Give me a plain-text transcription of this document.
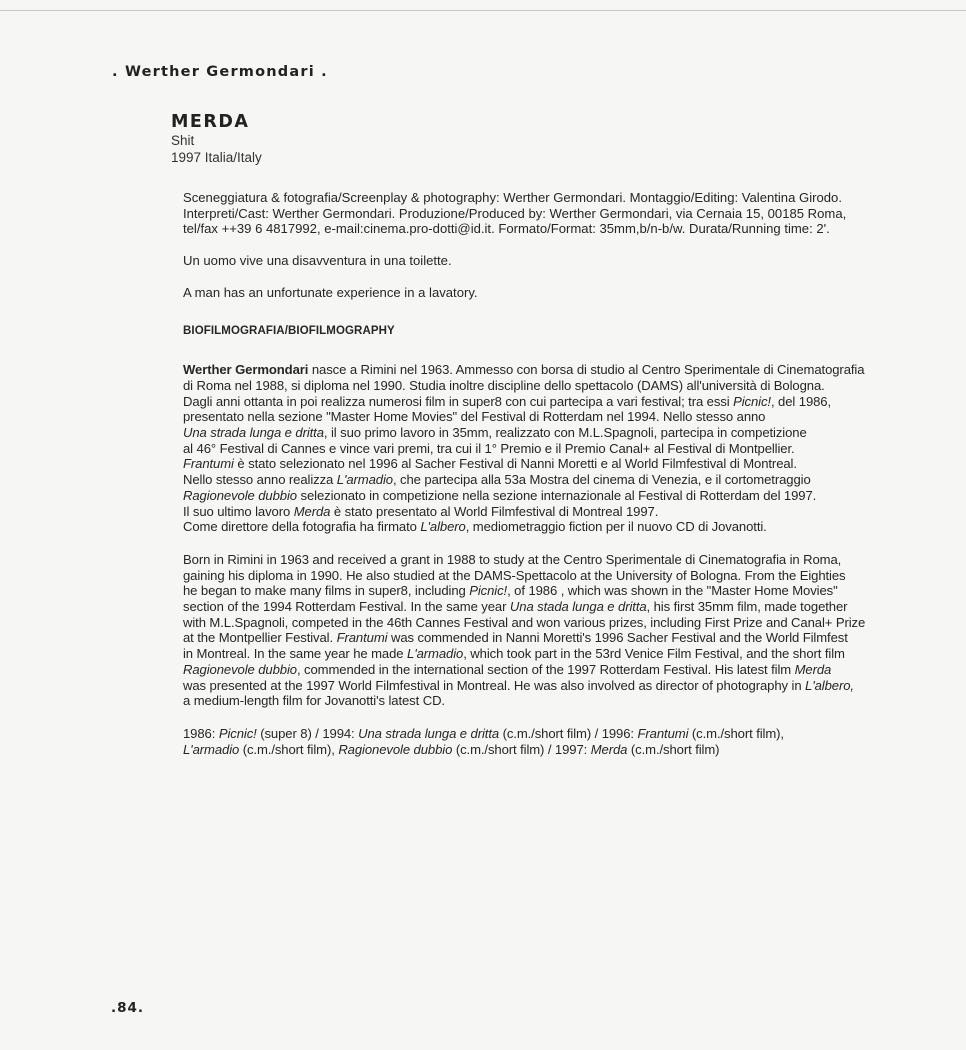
. Werther Germondari .
MERDA
Shit
1997 Italia/Italy

Sceneggiatura & fotografia/Screenplay & photography: Werther Germondari. Montaggio/Editing: Valentina Girodo.

Interpreti/Cast: Werther Germondari. Produzione/Produced by: Werther Germondari, via Cernaia 15, 00185 Roma,

tel/fax ++39 6 4817992, e-mail:cinema.pro-dotti@id.it. Formato/Format: 35mm,b/n-b/w. Durata/Running time: 2'.

Un uomo vive una disavventura in una toilette.

A man has an unfortunate experience in a lavatory.

BIOFILMOGRAFIA/BIOFILMOGRAPHY

Werther Germondari nasce a Rimini nel 1963. Ammesso con borsa di studio al Centro Sperimentale di Cinematografia

di Roma nel 1988, si diploma nel 1990. Studia inoltre discipline dello spettacolo (DAMS) all'università di Bologna.

Dagli anni ottanta in poi realizza numerosi film in super8 con cui partecipa a vari festival; tra essi Picnic!, del 1986,

presentato nella sezione "Master Home Movies" del Festival di Rotterdam nel 1994. Nello stesso anno

Una strada lunga e dritta, il suo primo lavoro in 35mm, realizzato con M.L.Spagnoli, partecipa in competizione

al 46° Festival di Cannes e vince vari premi, tra cui il 1° Premio e il Premio Canal+ al Festival di Montpellier.

Frantumi è stato selezionato nel 1996 al Sacher Festival di Nanni Moretti e al World Filmfestival di Montreal.

Nello stesso anno realizza L'armadio, che partecipa alla 53a Mostra del cinema di Venezia, e il cortometraggio

Ragionevole dubbio selezionato in competizione nella sezione internazionale al Festival di Rotterdam del 1997.

Il suo ultimo lavoro Merda è stato presentato al World Filmfestival di Montreal 1997.

Come direttore della fotografia ha firmato L'albero, mediometraggio fiction per il nuovo CD di Jovanotti.

Born in Rimini in 1963 and received a grant in 1988 to study at the Centro Sperimentale di Cinematografia in Roma,

gaining his diploma in 1990. He also studied at the DAMS-Spettacolo at the University of Bologna. From the Eighties

he began to make many films in super8, including Picnic!, of 1986 , which was shown in the "Master Home Movies"

section of the 1994 Rotterdam Festival. In the same year Una stada lunga e dritta, his first 35mm film, made together

with M.L.Spagnoli, competed in the 46th Cannes Festival and won various prizes, including First Prize and Canal+ Prize

at the Montpellier Festival. Frantumi was commended in Nanni Moretti's 1996 Sacher Festival and the World Filmfest

in Montreal. In the same year he made L'armadio, which took part in the 53rd Venice Film Festival, and the short film

Ragionevole dubbio, commended in the international section of the 1997 Rotterdam Festival. His latest film Merda

was presented at the 1997 World Filmfestival in Montreal. He was also involved as director of photography in L'albero,

a medium-length film for Jovanotti's latest CD.

1986: Picnic! (super 8) / 1994: Una strada lunga e dritta (c.m./short film) / 1996: Frantumi (c.m./short film),

L'armadio (c.m./short film), Ragionevole dubbio (c.m./short film) / 1997: Merda (c.m./short film)

.84.
